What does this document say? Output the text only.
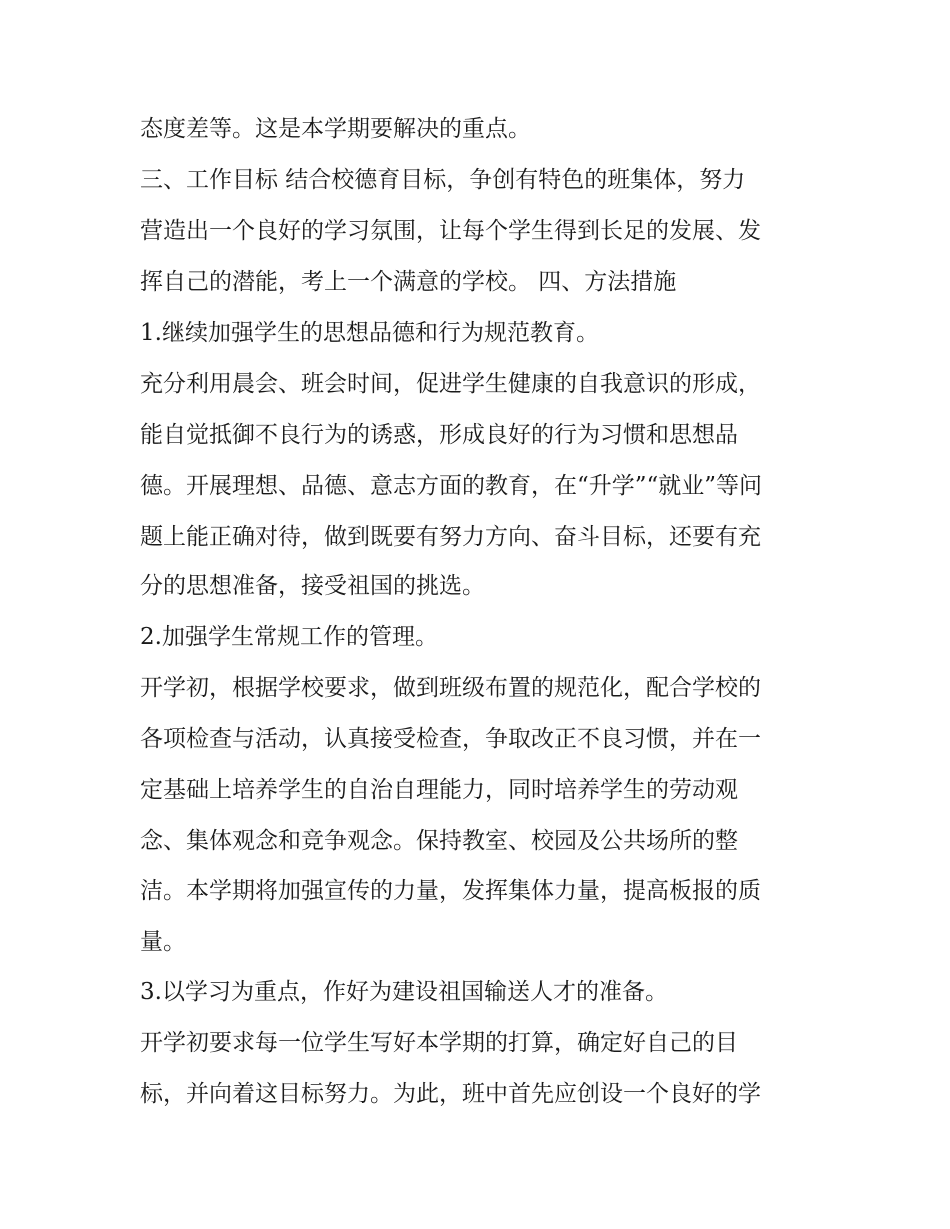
态度差等。这是本学期要解决的重点。
三、工作目标 结合校德育目标，争创有特色的班集体，努力
营造出一个良好的学习氛围，让每个学生得到长足的发展、发
挥自己的潜能，考上一个满意的学校。 四、方法措施
1.继续加强学生的思想品德和行为规范教育。
充分利用晨会、班会时间，促进学生健康的自我意识的形成，
能自觉抵御不良行为的诱惑，形成良好的行为习惯和思想品
德。开展理想、品德、意志方面的教育，在“升学”“就业”等问
题上能正确对待，做到既要有努力方向、奋斗目标，还要有充
分的思想准备，接受祖国的挑选。
2.加强学生常规工作的管理。
开学初，根据学校要求，做到班级布置的规范化，配合学校的
各项检查与活动，认真接受检查，争取改正不良习惯，并在一
定基础上培养学生的自治自理能力，同时培养学生的劳动观
念、集体观念和竞争观念。保持教室、校园及公共场所的整
洁。本学期将加强宣传的力量，发挥集体力量，提高板报的质
量。
3.以学习为重点，作好为建设祖国输送人才的准备。
开学初要求每一位学生写好本学期的打算，确定好自己的目
标，并向着这目标努力。为此，班中首先应创设一个良好的学
